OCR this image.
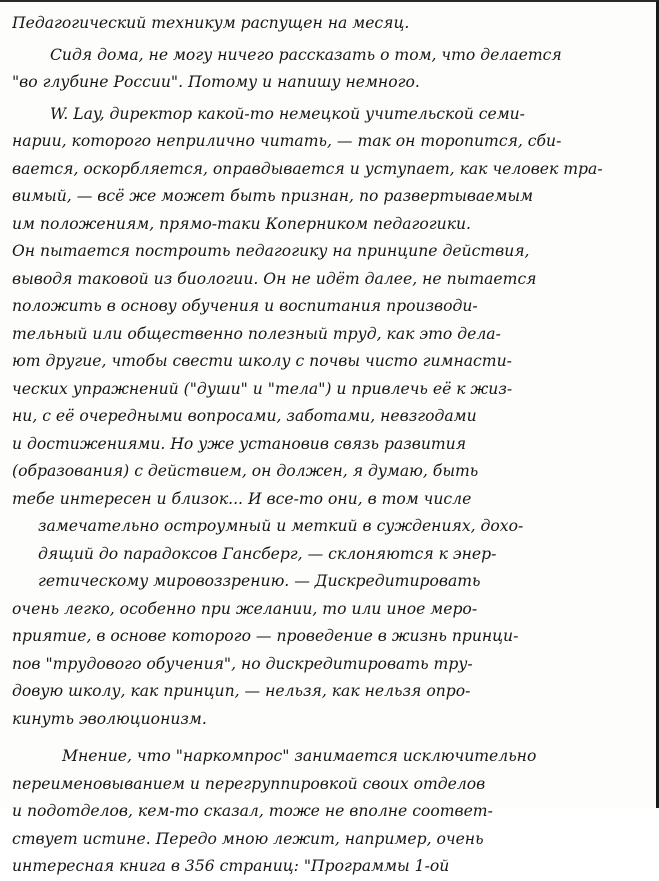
Педагогический техникум распущен на месяц.
Сидя дома, не могу ничего рассказать о том, что делается
"во глубине России". Потому и напишу немного.
W. Lay, директор какой-то немецкой учительской семи-
нарии, которого неприлично читать, — так он торопится, сби-
вается, оскорбляется, оправдывается и уступает, как человек тра-
вимый, — всё же может быть признан, по развертываемым
им положениям, прямо-таки Коперником педагогики.
Он пытается построить педагогику на принципе действия,
выводя таковой из биологии. Он не идёт далее, не пытается
положить в основу обучения и воспитания производи-
тельный или общественно полезный труд, как это дела-
ют другие, чтобы свести школу с почвы чисто гимнасти-
ческих упражнений ("души" и "тела") и привлечь её к жиз-
ни, с её очередными вопросами, заботами, невзгодами
и достижениями. Но уже установив связь развития
(образования) с действием, он должен, я думаю, быть
тебе интересен и близок... И все-то они, в том числе
замечательно остроумный и меткий в суждениях, дохо-
дящий до парадоксов Гансберг, — склоняются к энер-
гетическому мировоззрению. — Дискредитировать
очень легко, особенно при желании, то или иное меро-
приятие, в основе которого — проведение в жизнь принци-
пов "трудового обучения", но дискредитировать тру-
довую школу, как принцип, — нельзя, как нельзя опро-
кинуть эволюционизм.
Мнение, что "наркомпрос" занимается исключительно
переименовыванием и перегруппировкой своих отделов
и подотделов, кем-то сказал, тоже не вполне соответ-
ствует истине. Передо мною лежит, например, очень
интересная книга в 356 страниц: "Программы 1-ой
